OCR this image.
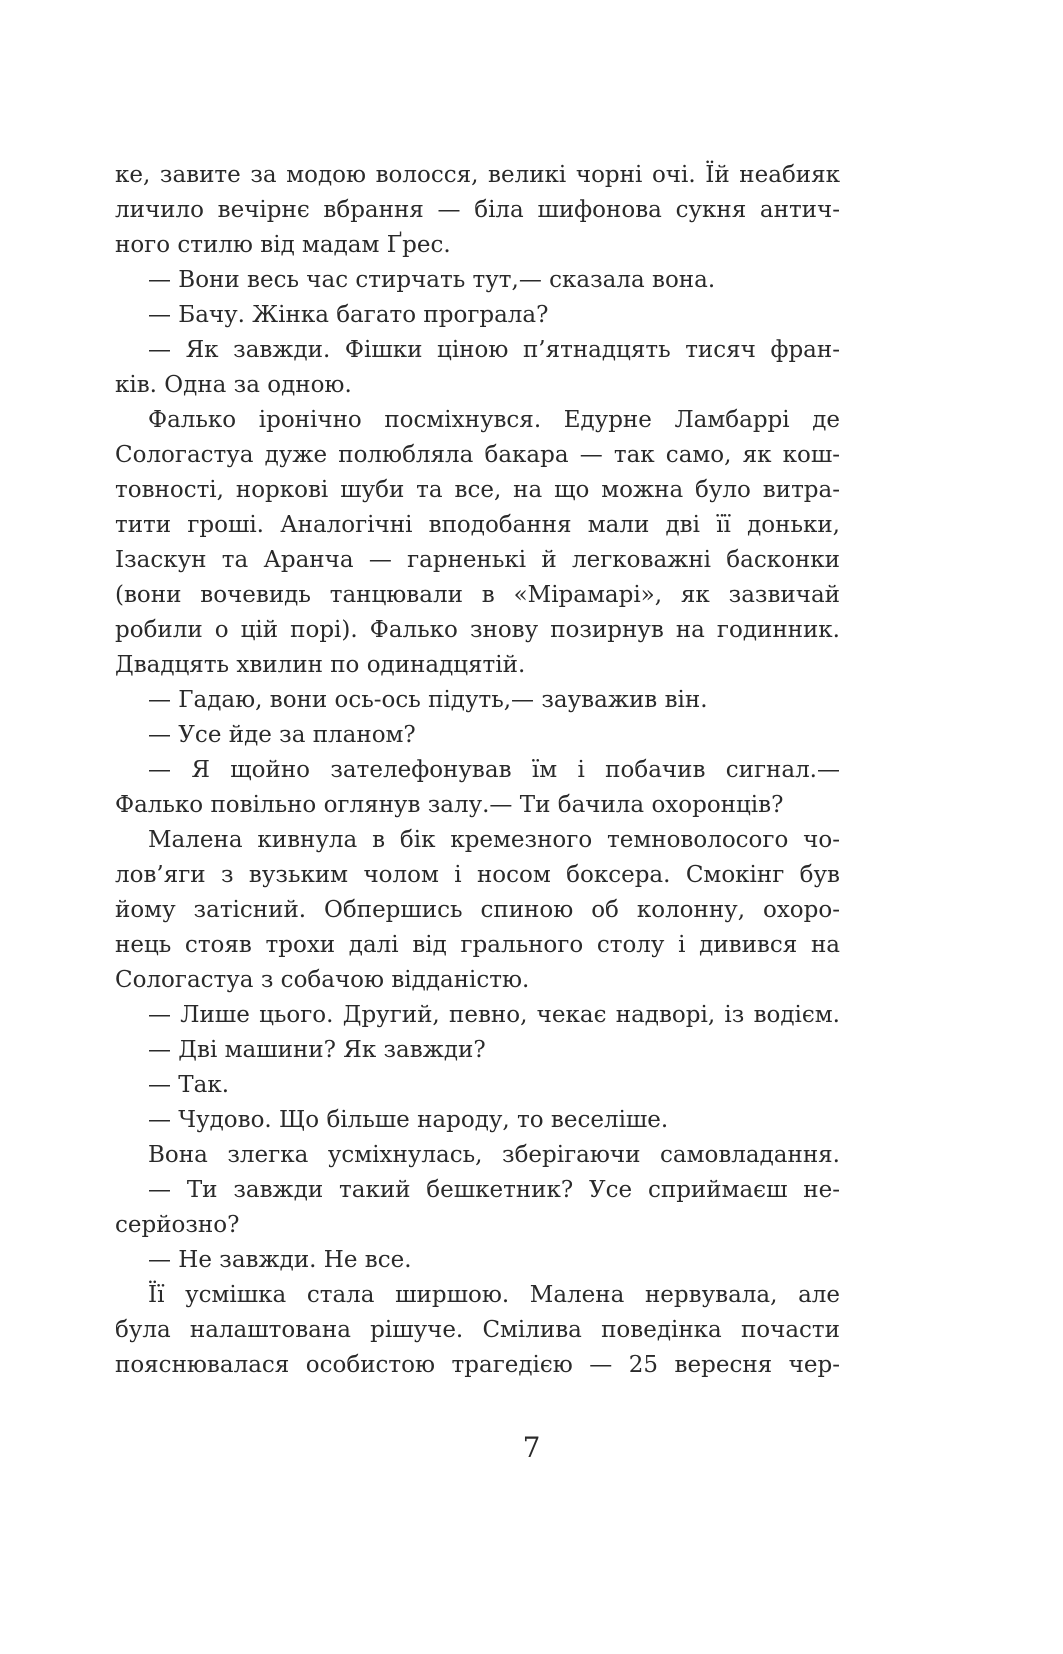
ке, завите за модою волосся, великі чорні очі. Їй неабияк
личило вечірнє вбрання — біла шифонова сукня антич-
ного стилю від мадам Ґрес.
— Вони весь час стирчать тут,— сказала вона.
— Бачу. Жінка багато програла?
— Як завжди. Фішки ціною п’ятнадцять тисяч фран-
ків. Одна за одною.
Фалько іронічно посміхнувся. Едурне Ламбаррі де
Сологастуа дуже полюбляла бакара — так само, як кош-
товності, норкові шуби та все, на що можна було витра-
тити гроші. Аналогічні вподобання мали дві її доньки,
Ізаскун та Аранча — гарненькі й легковажні басконки
(вони вочевидь танцювали в «Мірамарі», як зазвичай
робили о цій порі). Фалько знову позирнув на годинник.
Двадцять хвилин по одинадцятій.
— Гадаю, вони ось-ось підуть,— зауважив він.
— Усе йде за планом?
— Я щойно зателефонував їм і побачив сигнал.—
Фалько повільно оглянув залу.— Ти бачила охоронців?
Малена кивнула в бік кремезного темноволосого чо-
лов’яги з вузьким чолом і носом боксера. Смокінг був
йому затісний. Обпершись спиною об колонну, охоро-
нець стояв трохи далі від грального столу і дивився на
Сологастуа з собачою відданістю.
— Лише цього. Другий, певно, чекає надворі, із водієм.
— Дві машини? Як завжди?
— Так.
— Чудово. Що більше народу, то веселіше.
Вона злегка усміхнулась, зберігаючи самовладання.
— Ти завжди такий бешкетник? Усе сприймаєш не-
серйозно?
— Не завжди. Не все.
Її усмішка стала ширшою. Малена нервувала, але
була налаштована рішуче. Смілива поведінка почасти
пояснювалася особистою трагедією — 25 вересня чер-
7
